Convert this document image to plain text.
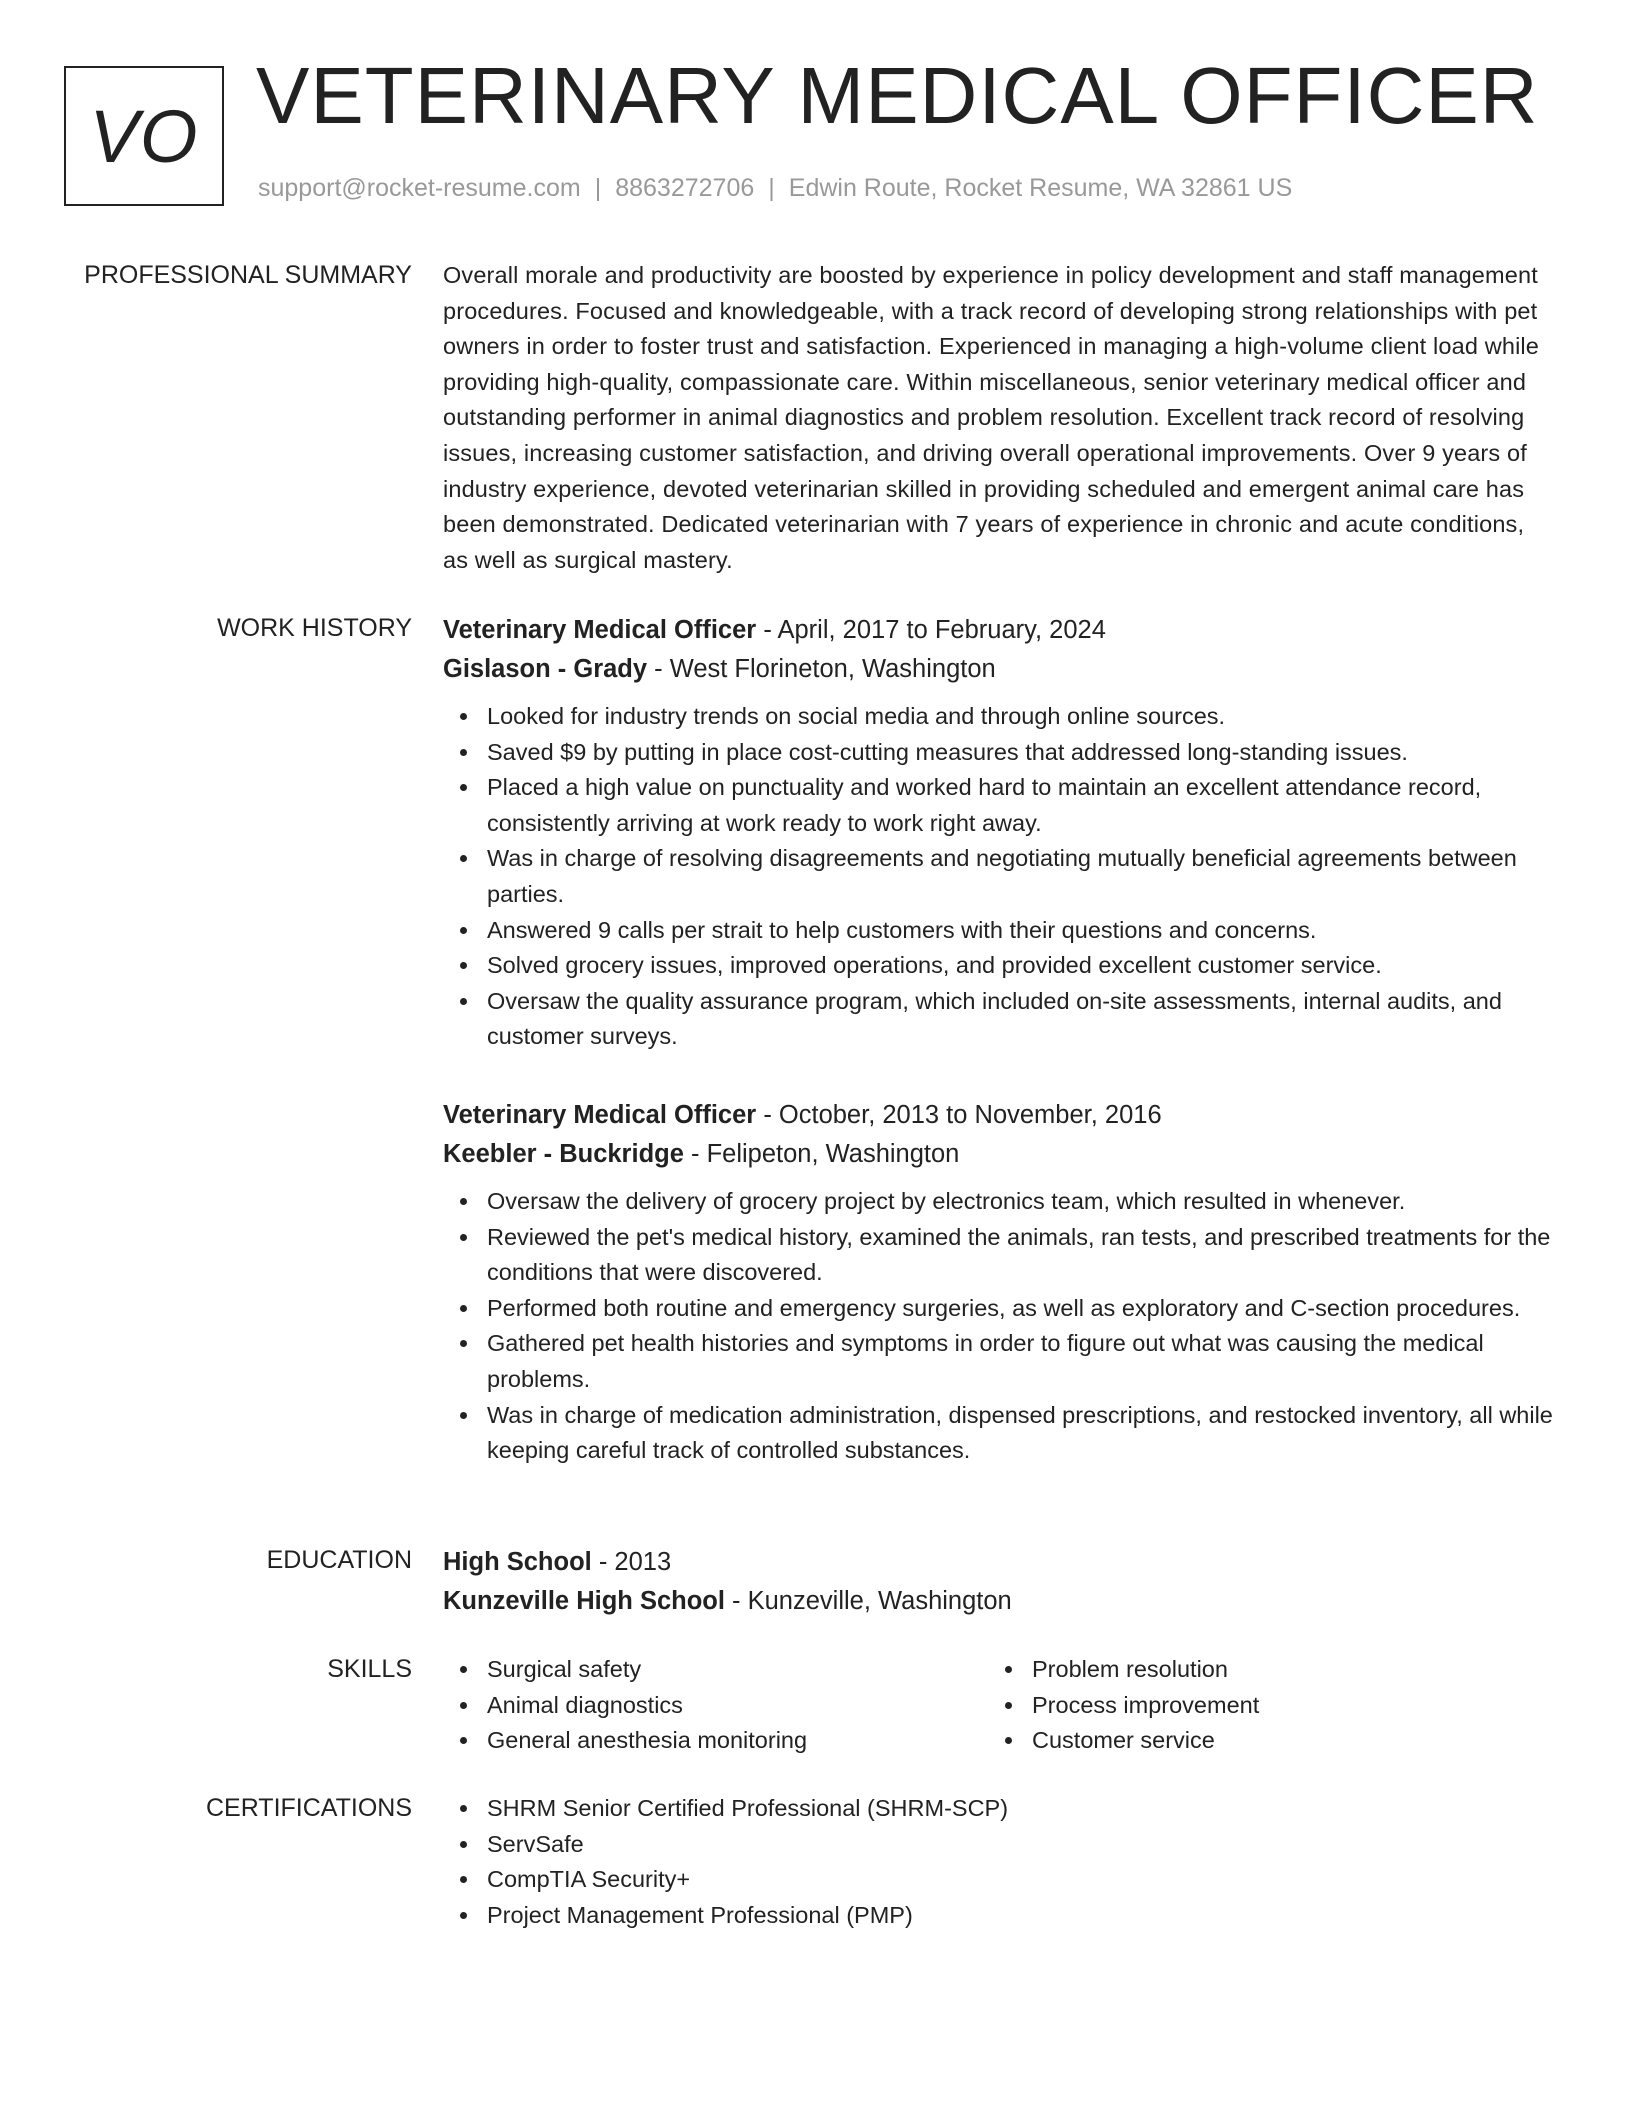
VO VETERINARY MEDICAL OFFICER
support@rocket-resume.com | 8863272706 | Edwin Route, Rocket Resume, WA 32861 US
PROFESSIONAL SUMMARY Overall morale and productivity are boosted by experience in policy development and staff management procedures. Focused and knowledgeable, with a track record of developing strong relationships with pet owners in order to foster trust and satisfaction. Experienced in managing a high-volume client load while providing high-quality, compassionate care. Within miscellaneous, senior veterinary medical officer and outstanding performer in animal diagnostics and problem resolution. Excellent track record of resolving issues, increasing customer satisfaction, and driving overall operational improvements. Over 9 years of industry experience, devoted veterinarian skilled in providing scheduled and emergent animal care has been demonstrated. Dedicated veterinarian with 7 years of experience in chronic and acute conditions, as well as surgical mastery.

WORK HISTORY Veterinary Medical Officer - April, 2017 to February, 2024
Gislason - Grady - West Florineton, Washington
Looked for industry trends on social media and through online sources.
Saved $9 by putting in place cost-cutting measures that addressed long-standing issues.
Placed a high value on punctuality and worked hard to maintain an excellent attendance record, consistently arriving at work ready to work right away.
Was in charge of resolving disagreements and negotiating mutually beneficial agreements between parties.
Answered 9 calls per strait to help customers with their questions and concerns.
Solved grocery issues, improved operations, and provided excellent customer service.
Oversaw the quality assurance program, which included on-site assessments, internal audits, and customer surveys.
Veterinary Medical Officer - October, 2013 to November, 2016
Keebler - Buckridge - Felipeton, Washington
Oversaw the delivery of grocery project by electronics team, which resulted in whenever.
Reviewed the pet's medical history, examined the animals, ran tests, and prescribed treatments for the conditions that were discovered.
Performed both routine and emergency surgeries, as well as exploratory and C-section procedures.
Gathered pet health histories and symptoms in order to figure out what was causing the medical problems.
Was in charge of medication administration, dispensed prescriptions, and restocked inventory, all while keeping careful track of controlled substances.
EDUCATION High School - 2013
Kunzeville High School - Kunzeville, Washington
SKILLS	Surgical safety
Animal diagnostics
General anesthesia monitoring
Problem resolution
Process improvement
Customer service
CERTIFICATIONS	SHRM Senior Certified Professional (SHRM-SCP)
ServSafe
CompTIA Security+
Project Management Professional (PMP)
